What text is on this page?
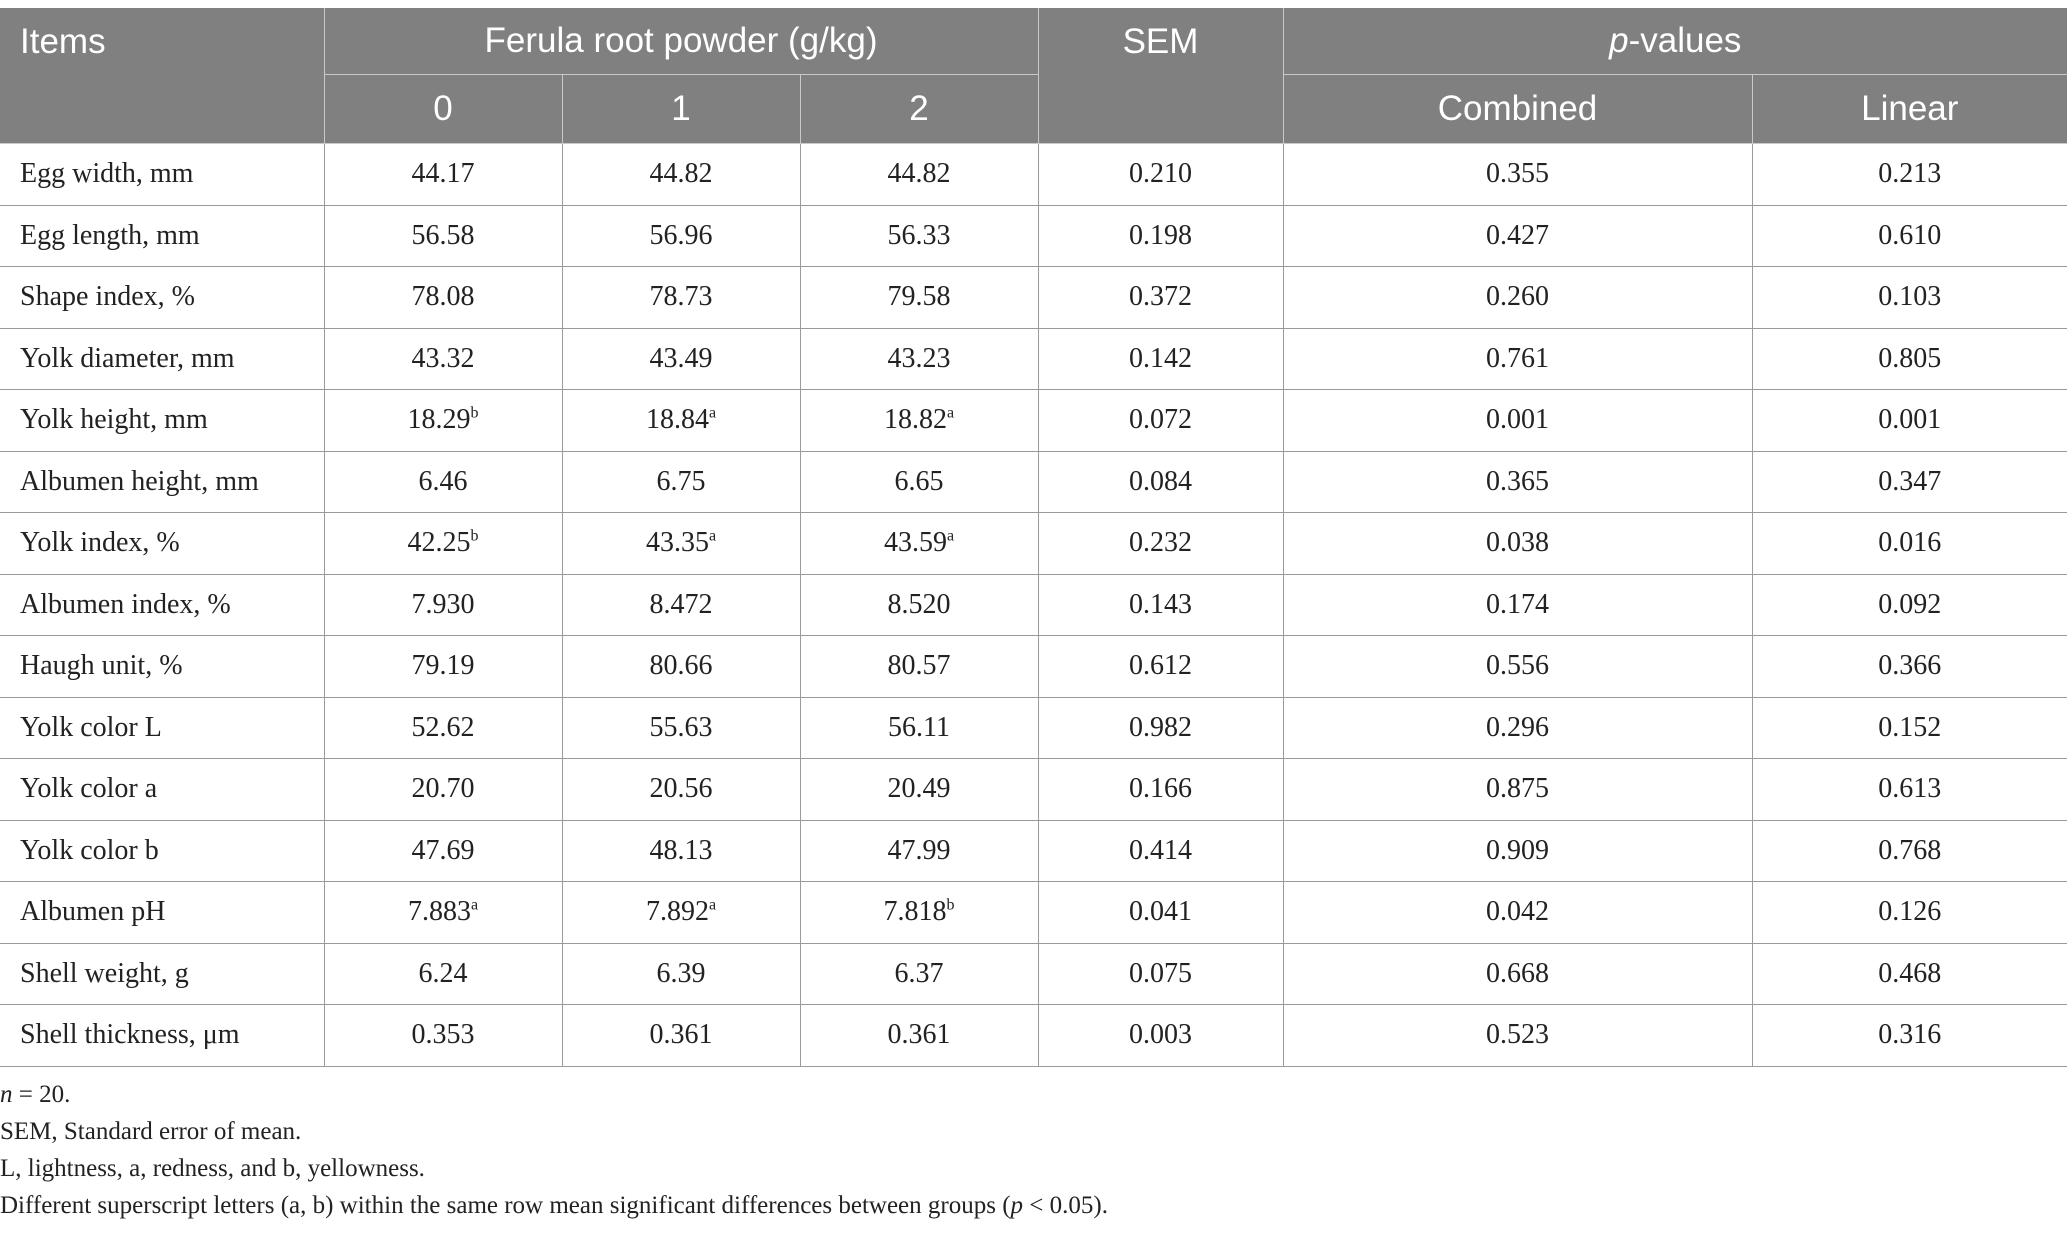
Items	Ferula root powder (g/kg)			SEM	p-values	
	0	1	2		Combined	Linear
Egg width, mm	44.17	44.82	44.82	0.210	0.355	0.213
Egg length, mm	56.58	56.96	56.33	0.198	0.427	0.610
Shape index, %	78.08	78.73	79.58	0.372	0.260	0.103
Yolk diameter, mm	43.32	43.49	43.23	0.142	0.761	0.805
Yolk height, mm	18.29$^b$	18.84$^a$	18.82$^a$	0.072	0.001	0.001
Albumen height, mm	6.46	6.75	6.65	0.084	0.365	0.347
Yolk index, %	42.25$^b$	43.35$^a$	43.59$^a$	0.232	0.038	0.016
Albumen index, %	7.930	8.472	8.520	0.143	0.174	0.092
Haugh unit, %	79.19	80.66	80.57	0.612	0.556	0.366
Yolk color L	52.62	55.63	56.11	0.982	0.296	0.152
Yolk color a	20.70	20.56	20.49	0.166	0.875	0.613
Yolk color b	47.69	48.13	47.99	0.414	0.909	0.768
Albumen pH	7.883$^a$	7.892$^a$	7.818$^b$	0.041	0.042	0.126
Shell weight, g	6.24	6.39	6.37	0.075	0.668	0.468
Shell thickness, μm	0.353	0.361	0.361	0.003	0.523	0.316
n = 20.
SEM, Standard error of mean.
L, lightness, a, redness, and b, yellowness.
Different superscript letters (a, b) within the same row mean significant differences between groups (p < 0.05).
